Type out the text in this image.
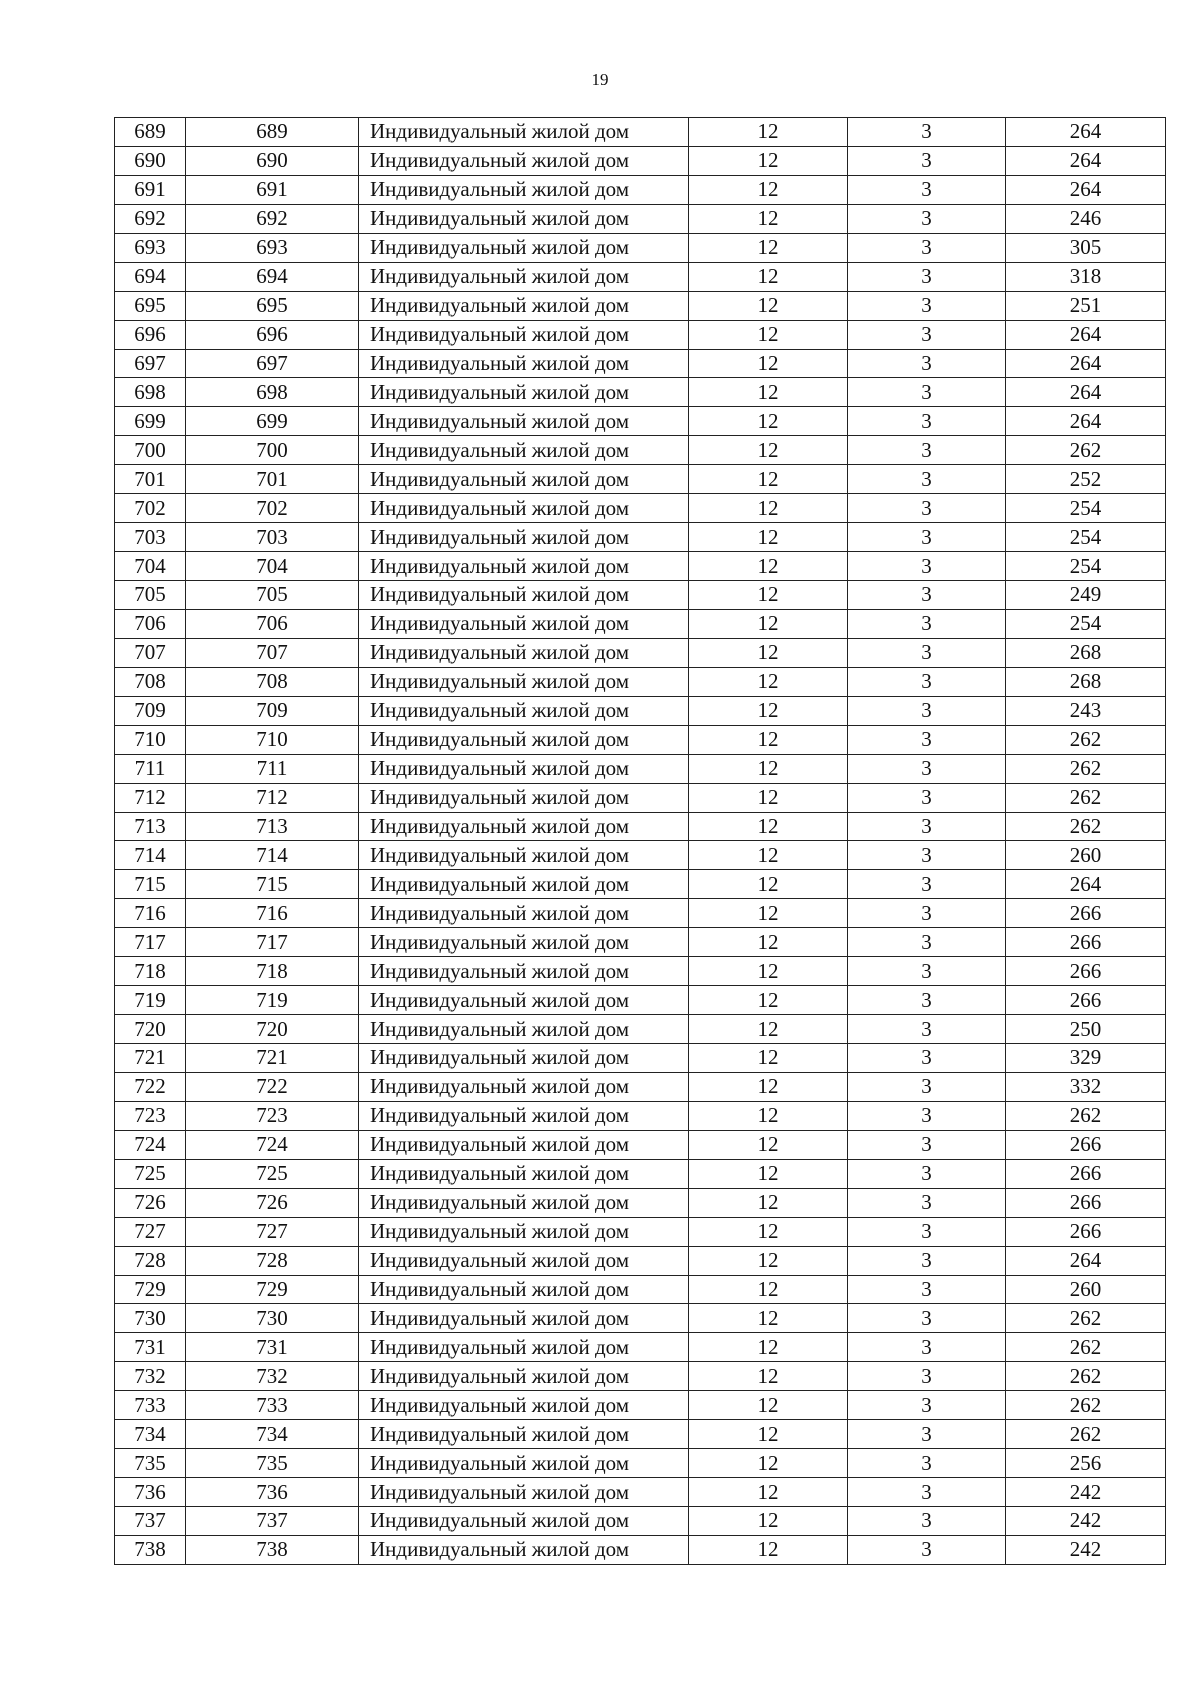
19
689	689	Индивидуальный жилой дом	12	3	264
690	690	Индивидуальный жилой дом	12	3	264
691	691	Индивидуальный жилой дом	12	3	264
692	692	Индивидуальный жилой дом	12	3	246
693	693	Индивидуальный жилой дом	12	3	305
694	694	Индивидуальный жилой дом	12	3	318
695	695	Индивидуальный жилой дом	12	3	251
696	696	Индивидуальный жилой дом	12	3	264
697	697	Индивидуальный жилой дом	12	3	264
698	698	Индивидуальный жилой дом	12	3	264
699	699	Индивидуальный жилой дом	12	3	264
700	700	Индивидуальный жилой дом	12	3	262
701	701	Индивидуальный жилой дом	12	3	252
702	702	Индивидуальный жилой дом	12	3	254
703	703	Индивидуальный жилой дом	12	3	254
704	704	Индивидуальный жилой дом	12	3	254
705	705	Индивидуальный жилой дом	12	3	249
706	706	Индивидуальный жилой дом	12	3	254
707	707	Индивидуальный жилой дом	12	3	268
708	708	Индивидуальный жилой дом	12	3	268
709	709	Индивидуальный жилой дом	12	3	243
710	710	Индивидуальный жилой дом	12	3	262
711	711	Индивидуальный жилой дом	12	3	262
712	712	Индивидуальный жилой дом	12	3	262
713	713	Индивидуальный жилой дом	12	3	262
714	714	Индивидуальный жилой дом	12	3	260
715	715	Индивидуальный жилой дом	12	3	264
716	716	Индивидуальный жилой дом	12	3	266
717	717	Индивидуальный жилой дом	12	3	266
718	718	Индивидуальный жилой дом	12	3	266
719	719	Индивидуальный жилой дом	12	3	266
720	720	Индивидуальный жилой дом	12	3	250
721	721	Индивидуальный жилой дом	12	3	329
722	722	Индивидуальный жилой дом	12	3	332
723	723	Индивидуальный жилой дом	12	3	262
724	724	Индивидуальный жилой дом	12	3	266
725	725	Индивидуальный жилой дом	12	3	266
726	726	Индивидуальный жилой дом	12	3	266
727	727	Индивидуальный жилой дом	12	3	266
728	728	Индивидуальный жилой дом	12	3	264
729	729	Индивидуальный жилой дом	12	3	260
730	730	Индивидуальный жилой дом	12	3	262
731	731	Индивидуальный жилой дом	12	3	262
732	732	Индивидуальный жилой дом	12	3	262
733	733	Индивидуальный жилой дом	12	3	262
734	734	Индивидуальный жилой дом	12	3	262
735	735	Индивидуальный жилой дом	12	3	256
736	736	Индивидуальный жилой дом	12	3	242
737	737	Индивидуальный жилой дом	12	3	242
738	738	Индивидуальный жилой дом	12	3	242
